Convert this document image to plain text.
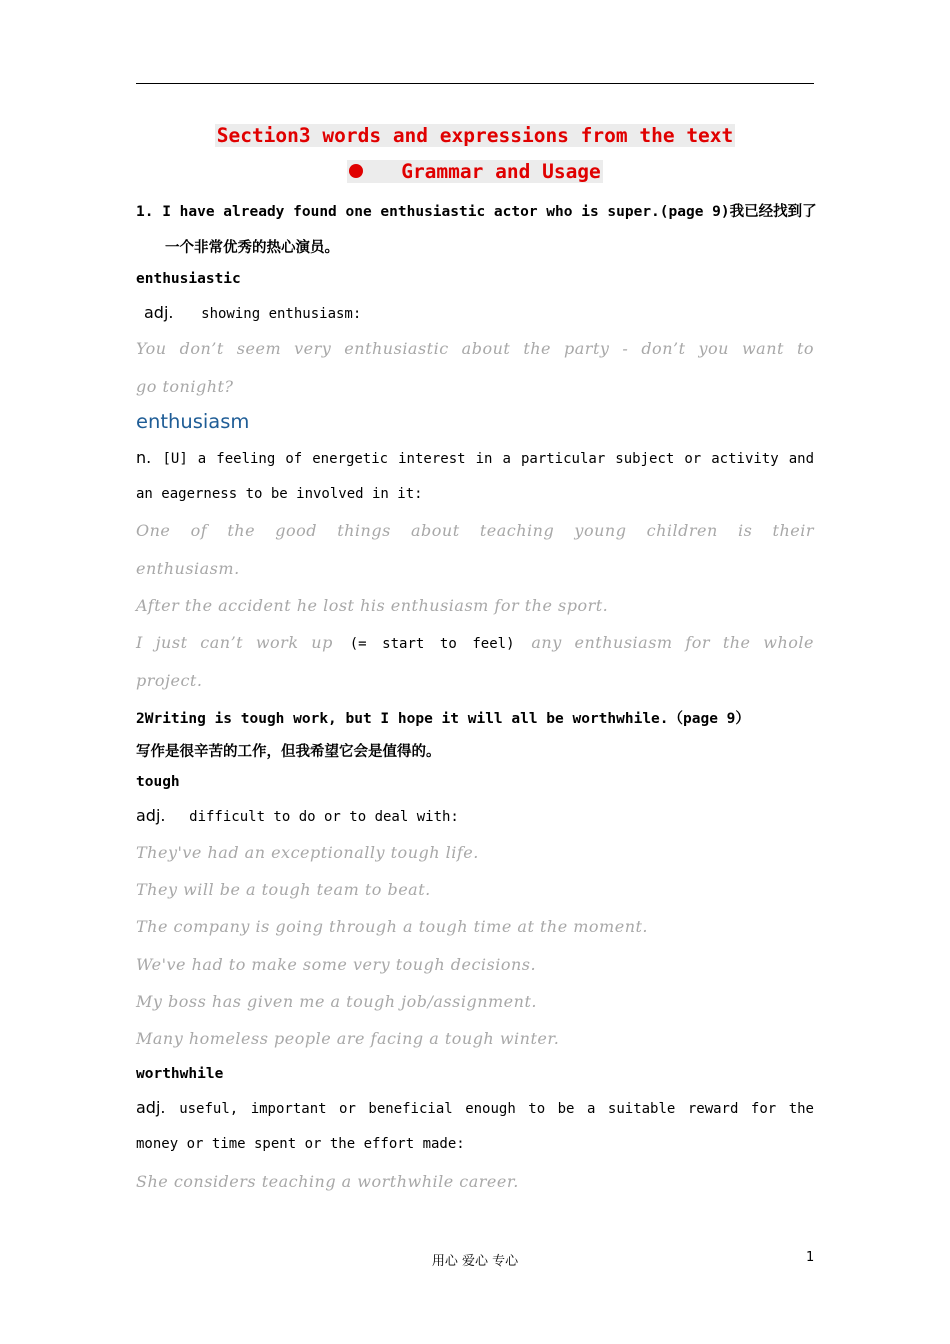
Section3 words and expressions from the text
Grammar and Usage
1. I have already found one enthusiastic actor who is super.(page 9)我已经找到了
一个非常优秀的热心演员。
enthusiastic
adj. showing enthusiasm:
You don’t seem very enthusiastic about the party - don’t you want to
go tonight?
enthusiasm
n. [U] a feeling of energetic interest in a particular subject or activity and
an eagerness to be involved in it:
One of the good things about teaching young children is their
enthusiasm.
After the accident he lost his enthusiasm for the sport.
I just can’t work up (= start to feel) any enthusiasm for the whole
project.
2Writing is tough work, but I hope it will all be worthwhile.（page 9）
写作是很辛苦的工作，但我希望它会是值得的。
tough
adj. difficult to do or to deal with:
They've had an exceptionally tough life.
They will be a tough team to beat.
The company is going through a tough time at the moment.
We've had to make some very tough decisions.
My boss has given me a tough job/assignment.
Many homeless people are facing a tough winter.
worthwhile
adj. useful, important or beneficial enough to be a suitable reward for the
money or time spent or the effort made:
She considers teaching a worthwhile career.
用心 爱心 专心	1
